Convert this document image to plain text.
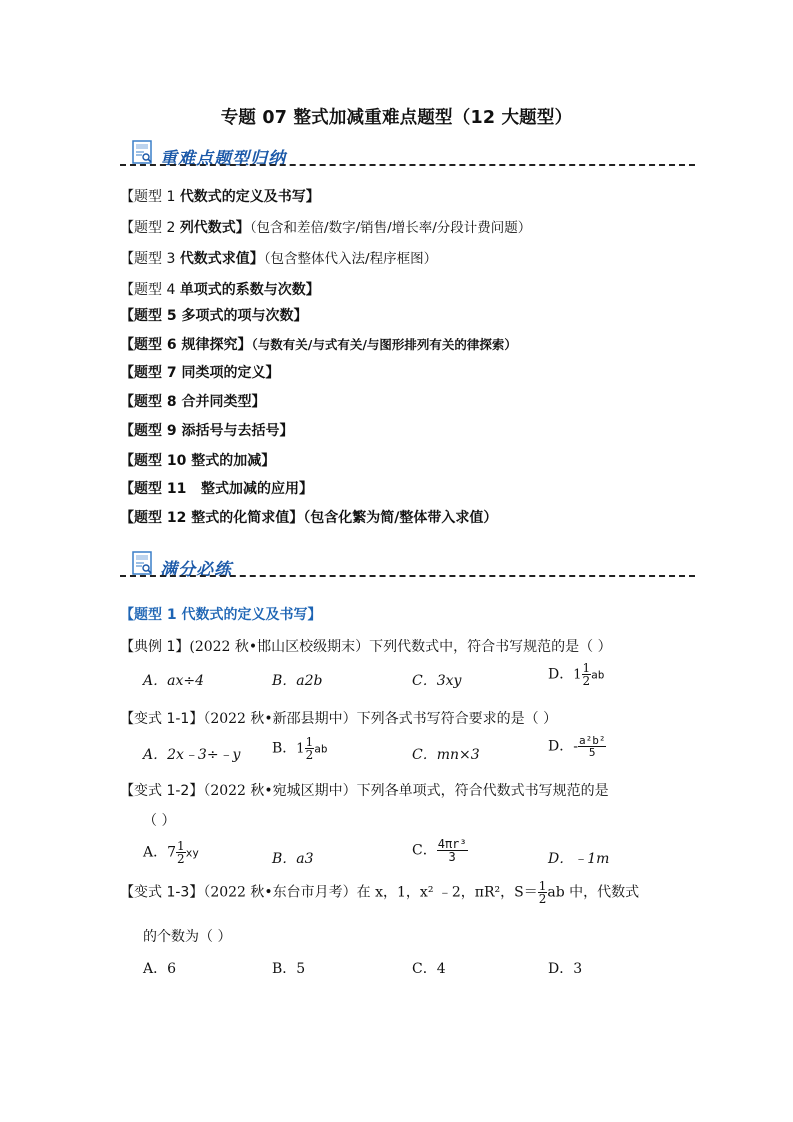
专题 07 整式加减重难点题型（12 大题型）
重难点题型归纳
【题型 1 代数式的定义及书写】
【题型 2 列代数式】（包含和差倍/数字/销售/增长率/分段计费问题）
【题型 3 代数式求值】（包含整体代入法/程序框图）
【题型 4 单项式的系数与次数】
【题型 5 多项式的项与次数】
【题型 6 规律探究】（与数有关/与式有关/与图形排列有关的律探索）
【题型 7 同类项的定义】
【题型 8 合并同类型】
【题型 9 添括号与去括号】
【题型 10 整式的加减】
【题型 11   整式加减的应用】
【题型 12 整式的化简求值】（包含化繁为简/整体带入求值）
满分必练
【题型 1 代数式的定义及书写】
【典例 1】(2022 秋•邯山区校级期末）下列代数式中，符合书写规范的是（ ）
A．ax÷4	B．a2b	C．3xy	D．$1 \frac{1}{2}$ ab
【变式 1-1】（2022 秋•新邵县期中）下列各式书写符合要求的是（ ）
A．2x﹣3÷﹣y B．$1 \frac{1}{2}$ ab	C．mn×3
D．- $\frac{\text{a²b²}}{5}$
【变式 1-2】（2022 秋•宛城区期中）下列各单项式，符合代数式书写规范的是
（ ）
A．$7 \frac{1}{2}$ xy	B．a3
C． $\frac{\text{4πr³}}{3}$	D．﹣1m
【变式 1-3】（2022 秋•东台市月考）在 x，1，x² ﹣2，πR²，$S= \frac{1}{2}$ ab 中，代数式
的个数为（ ）
A．6	B．5	C．4	D．3
